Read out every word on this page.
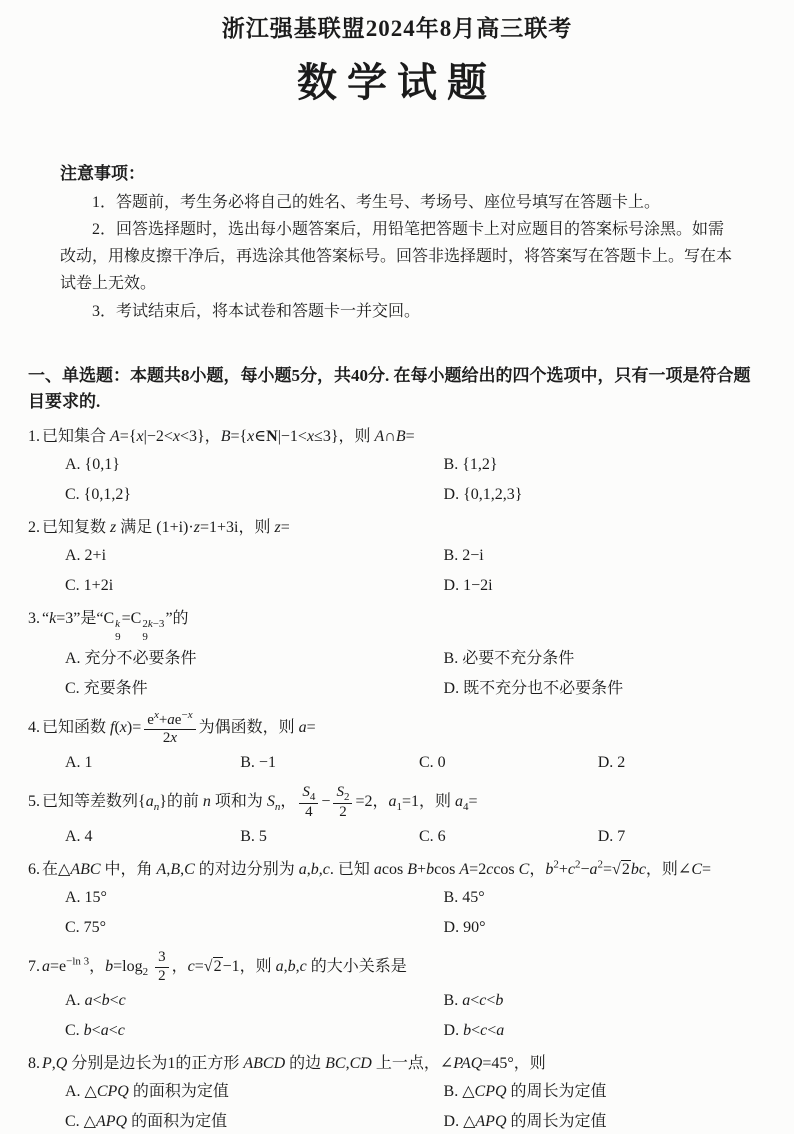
浙江强基联盟2024年8月高三联考
数学试题
注意事项：

1．答题前，考生务必将自己的姓名、考生号、考场号、座位号填写在答题卡上。

2．回答选择题时，选出每小题答案后，用铅笔把答题卡上对应题目的答案标号涂黑。如需改动，用橡皮擦干净后，再选涂其他答案标号。回答非选择题时，将答案写在答题卡上。写在本试卷上无效。

3．考试结束后，将本试卷和答题卡一并交回。

一、单选题：本题共8小题，每小题5分，共40分. 在每小题给出的四个选项中，只有一项是符合题目要求的.

1. 已知集合 A={x|−2<x<3}，B={x∈N|−1<x≤3}，则 A∩B=

A. {0,1}	B. {1,2}
C. {0,1,2}	D. {0,1,2,3}

2. 已知复数 z 满足 (1+i)·z=1+3i，则 z=

A. 2+i	B. 2−i
C. 1+2i	D. 1−2i

3. “k=3”是“C k
9
=C 2k−3
9
”的

A. 充分不必要条件	B. 必要不充分条件
C. 充要条件	D. 既不充分也不必要条件

4. 已知函数 $f(x)= \frac{e^x+ae^{-x}}{2x}$ 为偶函数，则 a=

A. 1	B. −1	C. 0	D. 2

5. 已知等差数列$\{a_n\}$的前 n 项和为 $S_n$， $\frac{S_4}{4} - \frac{S_2}{2} =2$，$a_1=1$，则 $a_4=$

A. 4	B. 5	C. 6	D. 7

6. 在△ABC 中，角 A,B,C 的对边分别为 a,b,c. 已知 acos B+bcos A=2ccos C，$b^2+c^2-a^2=√2bc$，则∠C=

A. 15°	B. 45°
C. 75°	D. 90°

7. $a=e^{-ln 3}$，$b=\log_2 \frac{3}{2}$ ，c=√2−1，则 a,b,c 的大小关系是

A. a<b<c	B. a<c<b
C. b<a<c	D. b<c<a

8. P,Q 分别是边长为1的正方形 ABCD 的边 BC,CD 上一点，∠PAQ=45°，则

A. △CPQ 的面积为定值	B. △CPQ 的周长为定值
C. △APQ 的面积为定值	D. △APQ 的周长为定值
